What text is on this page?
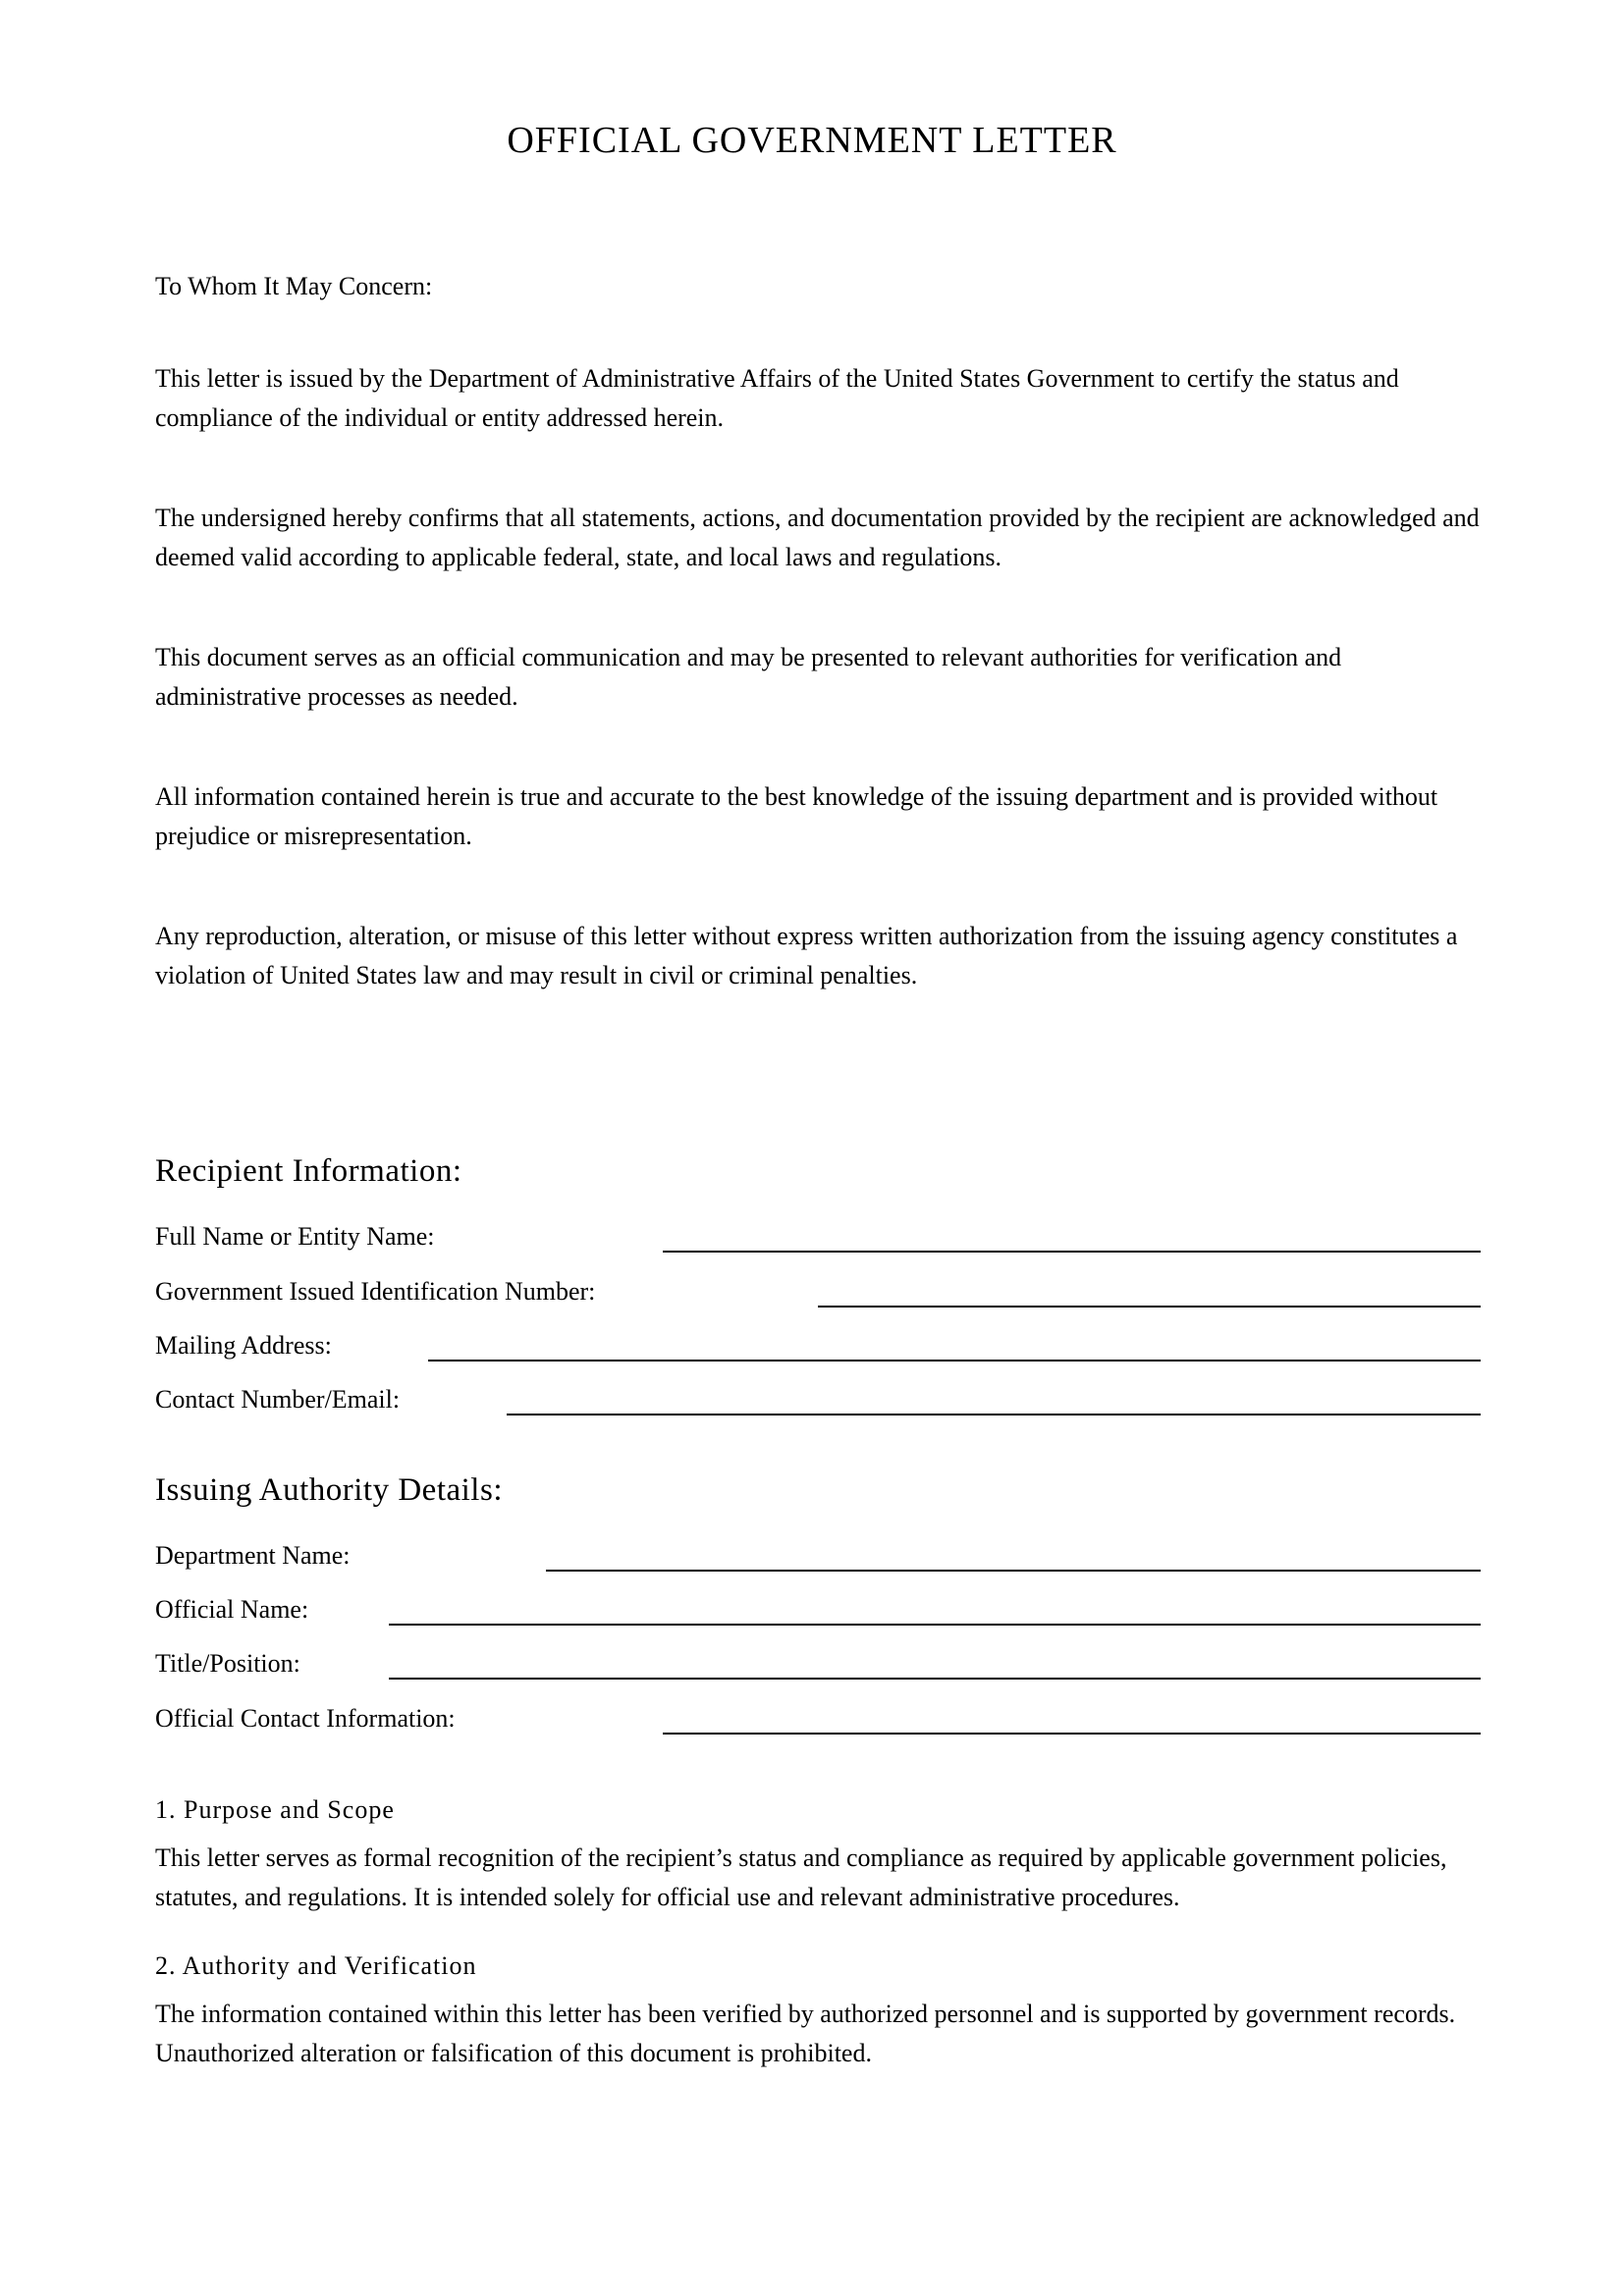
OFFICIAL GOVERNMENT LETTER
To Whom It May Concern:
This letter is issued by the Department of Administrative Affairs of the United States Government to certify the status and compliance of the individual or entity addressed herein.
The undersigned hereby confirms that all statements, actions, and documentation provided by the recipient are acknowledged and deemed valid according to applicable federal, state, and local laws and regulations.
This document serves as an official communication and may be presented to relevant authorities for verification and administrative processes as needed.
All information contained herein is true and accurate to the best knowledge of the issuing department and is provided without prejudice or misrepresentation.
Any reproduction, alteration, or misuse of this letter without express written authorization from the issuing agency constitutes a violation of United States law and may result in civil or criminal penalties.
Recipient Information:
Full Name or Entity Name:
Government Issued Identification Number:
Mailing Address:
Contact Number/Email:
Issuing Authority Details:
Department Name:
Official Name:
Title/Position:
Official Contact Information:
1. Purpose and Scope
This letter serves as formal recognition of the recipient’s status and compliance as required by applicable government policies, statutes, and regulations. It is intended solely for official use and relevant administrative procedures.
2. Authority and Verification
The information contained within this letter has been verified by authorized personnel and is supported by government records. Unauthorized alteration or falsification of this document is prohibited.
